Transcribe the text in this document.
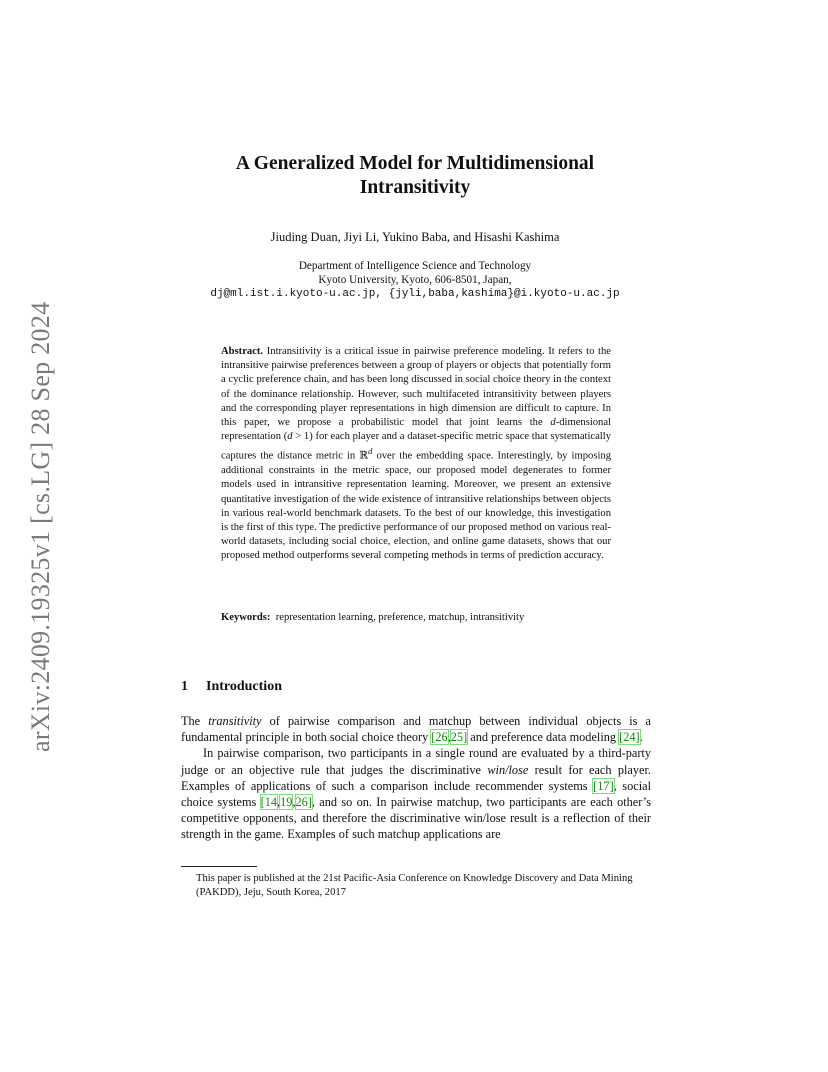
arXiv:2409.19325v1 [cs.LG] 28 Sep 2024
A Generalized Model for Multidimensional
Intransitivity
Jiuding Duan, Jiyi Li, Yukino Baba, and Hisashi Kashima
Department of Intelligence Science and Technology
Kyoto University, Kyoto, 606-8501, Japan,
dj@ml.ist.i.kyoto-u.ac.jp, {jyli,baba,kashima}@i.kyoto-u.ac.jp
Abstract. Intransitivity is a critical issue in pairwise preference modeling. It refers to the intransitive pairwise preferences between a group of players or objects that potentially form a cyclic preference chain, and has been long discussed in social choice theory in the context of the dominance relationship. However, such multifaceted intransitivity between players and the corresponding player representations in high dimension are difficult to capture. In this paper, we propose a probabilistic model that joint learns the d-dimensional representation (d > 1) for each player and a dataset-specific metric space that systematically captures the distance metric in ℝ$^d$ over the embedding space. Interestingly, by imposing additional constraints in the metric space, our proposed model degenerates to former models used in intransitive representation learning. Moreover, we present an extensive quantitative investigation of the wide existence of intransitive relationships between objects in various real-world benchmark datasets. To the best of our knowledge, this investigation is the first of this type. The predictive performance of our proposed method on various real-world datasets, including social choice, election, and online game datasets, shows that our proposed method outperforms several competing methods in terms of prediction accuracy.
Keywords: representation learning, preference, matchup, intransitivity
1 Introduction

The transitivity of pairwise comparison and matchup between individual objects is a fundamental principle in both social choice theory [26,25] and preference data modeling [24].

In pairwise comparison, two participants in a single round are evaluated by a third-party judge or an objective rule that judges the discriminative win/lose result for each player. Examples of applications of such a comparison include recommender systems [17], social choice systems [14,19,26], and so on. In pairwise matchup, two participants are each other’s competitive opponents, and therefore the discriminative win/lose result is a reflection of their strength in the game. Examples of such matchup applications are

This paper is published at the 21st Pacific-Asia Conference on Knowledge Discovery and Data Mining (PAKDD), Jeju, South Korea, 2017
